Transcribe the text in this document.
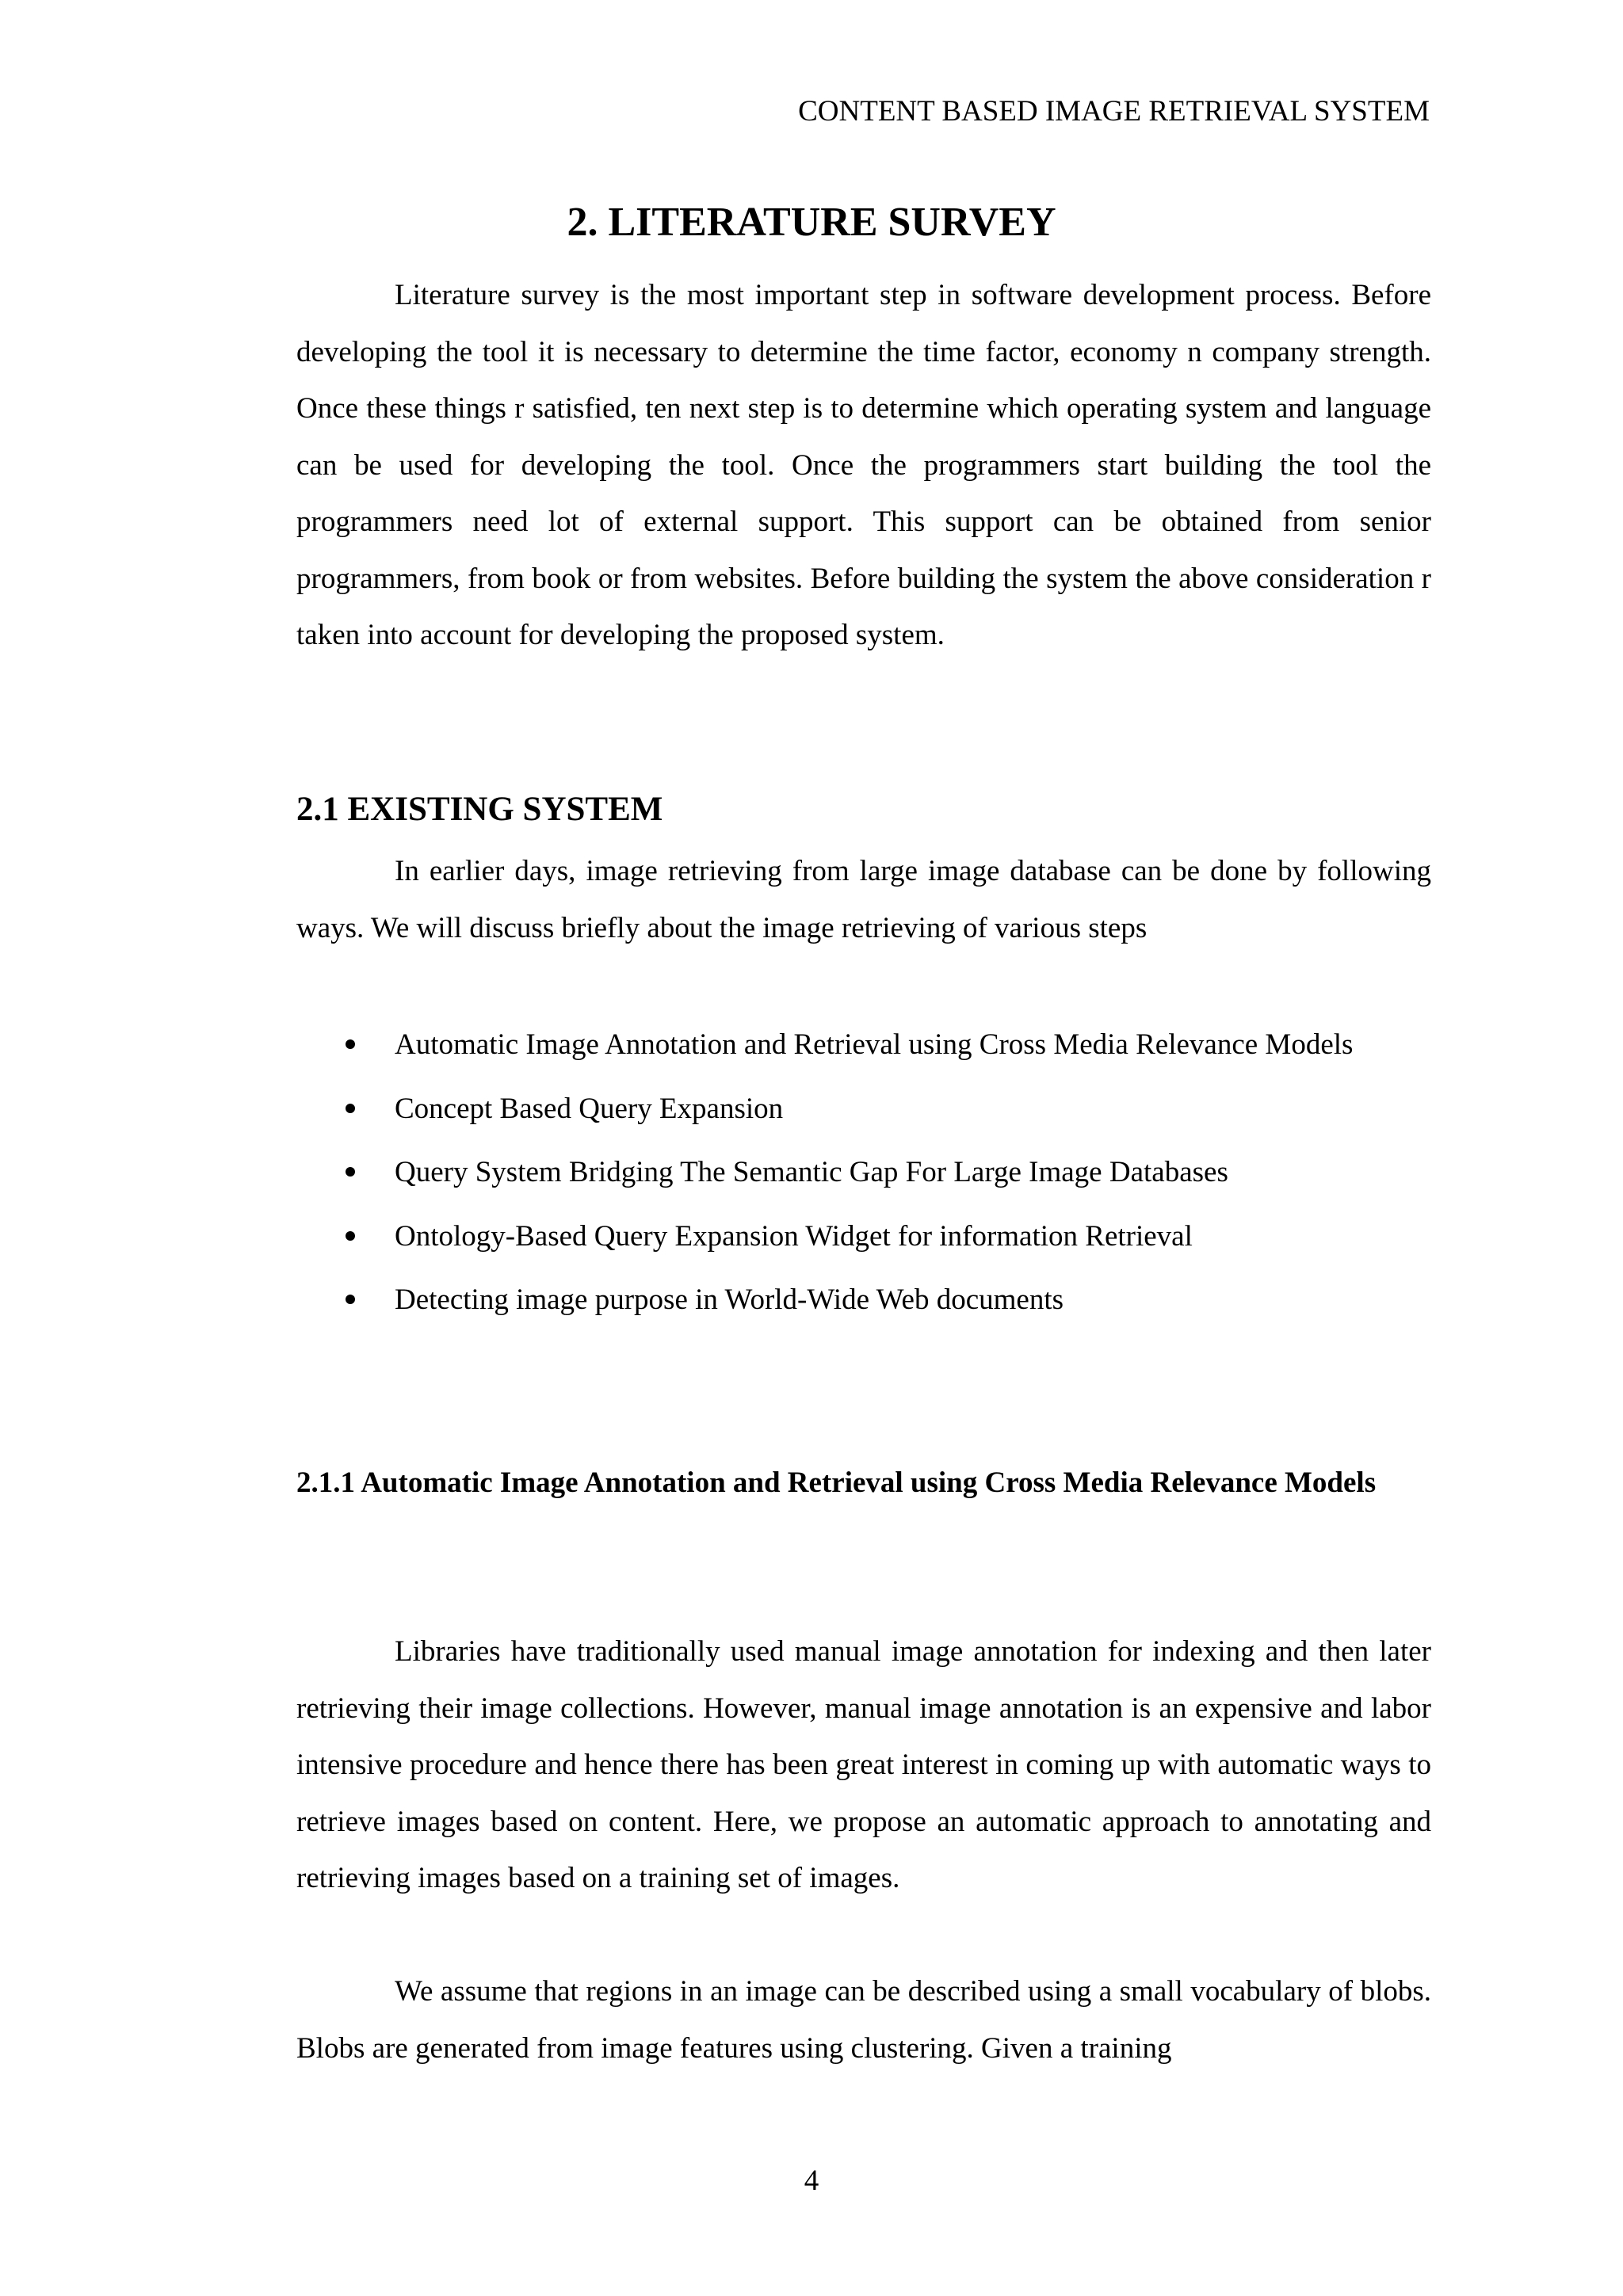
CONTENT BASED IMAGE RETRIEVAL SYSTEM
2. LITERATURE SURVEY

Literature survey is the most important step in software development process. Before developing the tool it is necessary to determine the time factor, economy n company strength. Once these things r satisfied, ten next step is to determine which operating system and language can be used for developing the tool. Once the programmers start building the tool the programmers need lot of external support. This support can be obtained from senior programmers, from book or from websites. Before building the system the above consideration r taken into account for developing the proposed system.

2.1 EXISTING SYSTEM

In earlier days, image retrieving from large image database can be done by following ways. We will discuss briefly about the image retrieving of various steps

Automatic Image Annotation and Retrieval using Cross Media Relevance Models
Concept Based Query Expansion
Query System Bridging The Semantic Gap For Large Image Databases
Ontology-Based Query Expansion Widget for information Retrieval
Detecting image purpose in World-Wide Web documents
2.1.1 Automatic Image Annotation and Retrieval using Cross Media Relevance Models

Libraries have traditionally used manual image annotation for indexing and then later retrieving their image collections. However, manual image annotation is an expensive and labor intensive procedure and hence there has been great interest in coming up with automatic ways to retrieve images based on content. Here, we propose an automatic approach to annotating and retrieving images based on a training set of images.

We assume that regions in an image can be described using a small vocabulary of blobs. Blobs are generated from image features using clustering. Given a training

4
